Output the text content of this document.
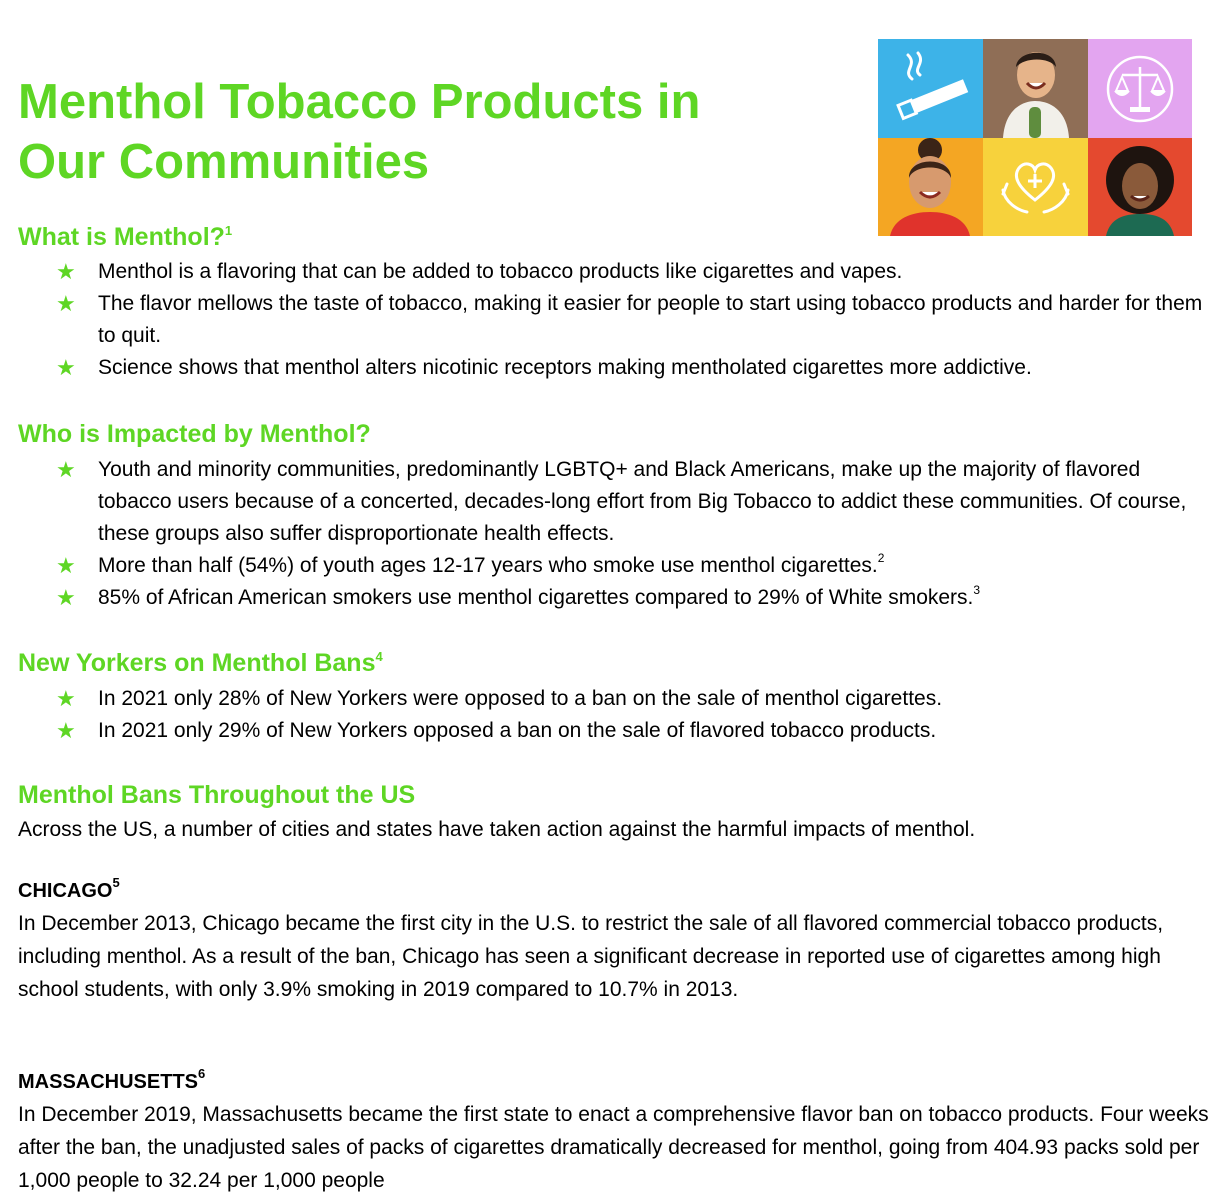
Menthol Tobacco Products in
Our Communities
What is Menthol?$^1$
★ Menthol is a flavoring that can be added to tobacco products like cigarettes and vapes.
★ The flavor mellows the taste of tobacco, making it easier for people to start using tobacco products and harder for them to quit.
★ Science shows that menthol alters nicotinic receptors making mentholated cigarettes more addictive.
Who is Impacted by Menthol?
★ Youth and minority communities, predominantly LGBTQ+ and Black Americans, make up the majority of flavored tobacco users because of a concerted, decades-long effort from Big Tobacco to addict these communities. Of course, these groups also suffer disproportionate health effects.
★ More than half (54%) of youth ages 12-17 years who smoke use menthol cigarettes.$^2$
★ 85% of African American smokers use menthol cigarettes compared to 29% of White smokers.$^3$
New Yorkers on Menthol Bans$^4$
★ In 2021 only 28% of New Yorkers were opposed to a ban on the sale of menthol cigarettes.
★ In 2021 only 29% of New Yorkers opposed a ban on the sale of flavored tobacco products.
Menthol Bans Throughout the US

Across the US, a number of cities and states have taken action against the harmful impacts of menthol.

CHICAGO$^5$

In December 2013, Chicago became the first city in the U.S. to restrict the sale of all flavored commercial tobacco products, including menthol. As a result of the ban, Chicago has seen a significant decrease in reported use of cigarettes among high school students, with only 3.9% smoking in 2019 compared to 10.7% in 2013.

MASSACHUSETTS$^6$

In December 2019, Massachusetts became the first state to enact a comprehensive flavor ban on tobacco products. Four weeks after the ban, the unadjusted sales of packs of cigarettes dramatically decreased for menthol, going from 404.93 packs sold per 1,000 people to 32.24 per 1,000 people
